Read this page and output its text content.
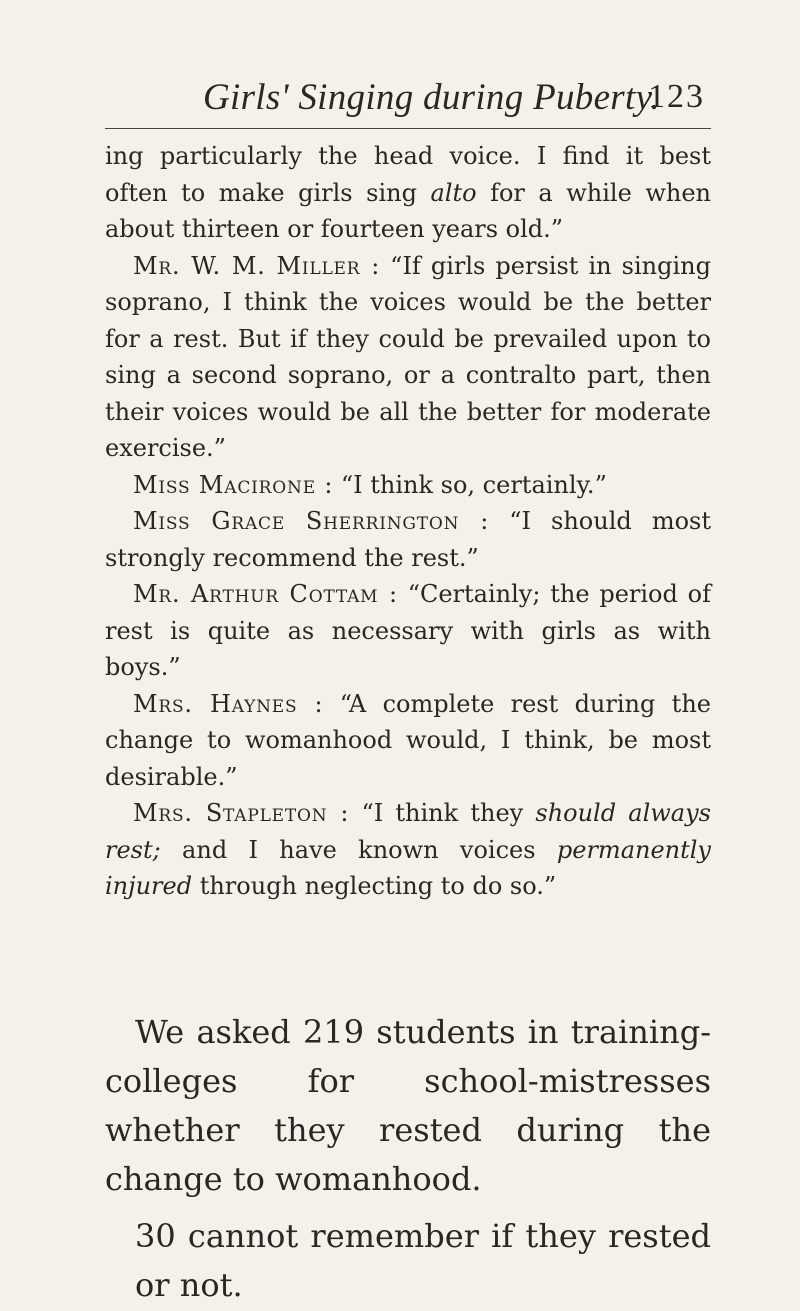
Girls' Singing during Puberty.
123

ing particularly the head voice. I find it best often to make girls sing alto for a while when about thirteen or fourteen years old.”

Mr. W. M. Miller : “If girls persist in singing soprano, I think the voices would be the better for a rest. But if they could be prevailed upon to sing a second soprano, or a contralto part, then their voices would be all the better for moderate exercise.”

Miss Macirone : “I think so, certainly.”

Miss Grace Sherrington : “I should most strongly recommend the rest.”

Mr. Arthur Cottam : “Certainly; the period of rest is quite as necessary with girls as with boys.”

Mrs. Haynes : “A complete rest during the change to womanhood would, I think, be most desirable.”

Mrs. Stapleton : “I think they should always rest; and I have known voices permanently injured through neglecting to do so.”

We asked 219 students in training-colleges for school-mistresses whether they rested during the change to womanhood.

30 cannot remember if they rested or not.
